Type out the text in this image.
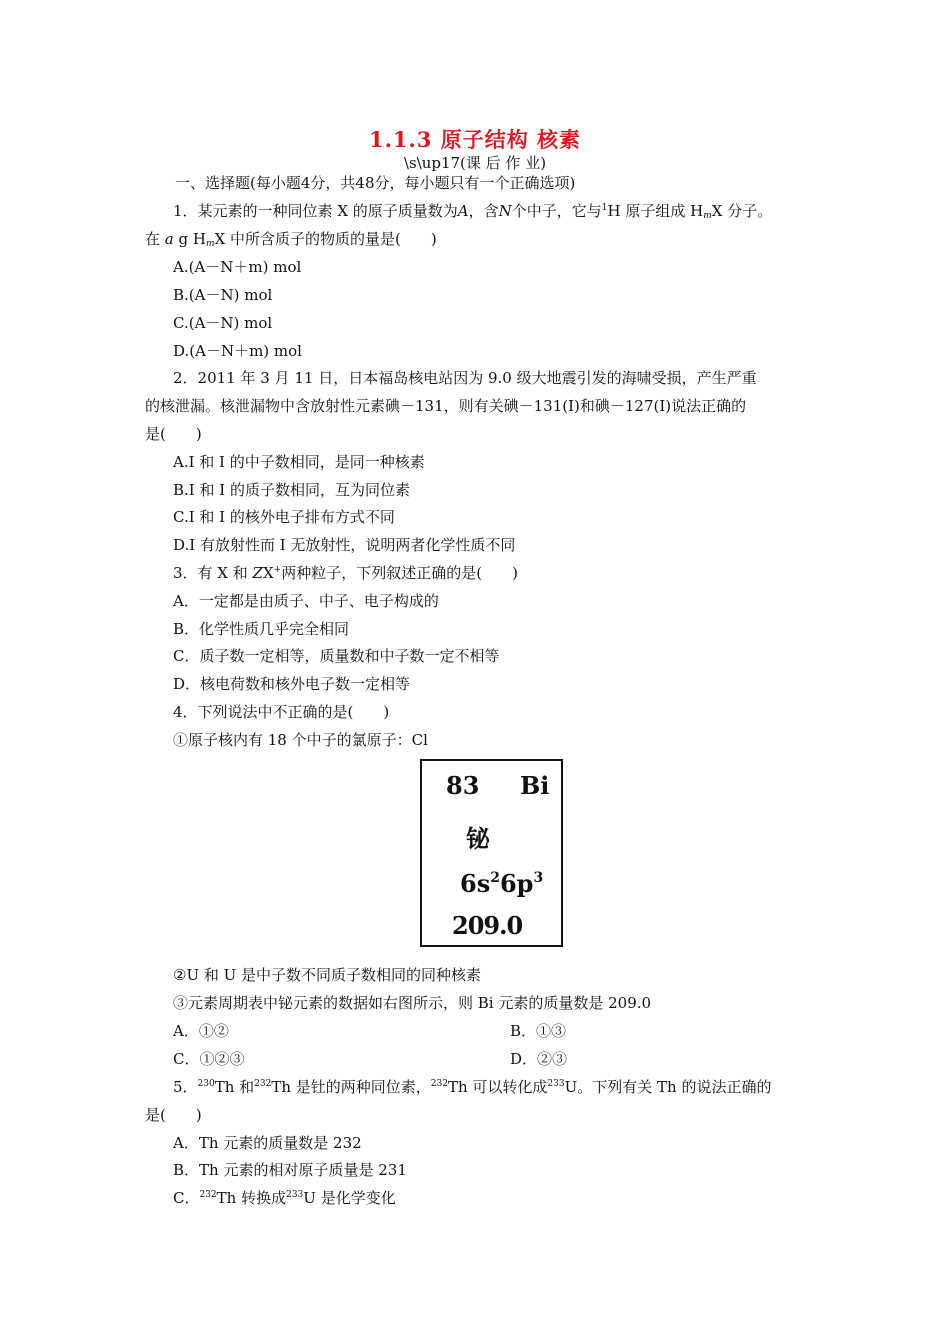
1.1.3 原子结构 核素
\s\up17(课 后 作 业)
一、选择题(每小题4分，共48分，每小题只有一个正确选项)
1．某元素的一种同位素 X 的原子质量数为A，含N个中子，它与$^1$H 原子组成 $H_mX$ 分子。
在 a g $H_mX$ 中所含质子的物质的量是(　　)
A.(A－N＋m) mol
B.(A－N) mol
C.(A－N) mol
D.(A－N＋m) mol
2．2011 年 3 月 11 日，日本福岛核电站因为 9.0 级大地震引发的海啸受损，产生严重
的核泄漏。核泄漏物中含放射性元素碘－131，则有关碘－131(I)和碘－127(I)说法正确的
是(　　)
A.I 和 I 的中子数相同，是同一种核素
B.I 和 I 的质子数相同，互为同位素
C.I 和 I 的核外电子排布方式不同
D.I 有放射性而 I 无放射性，说明两者化学性质不同
3．有 X 和 ZX+两种粒子，下列叙述正确的是(　　)
A．一定都是由质子、中子、电子构成的
B．化学性质几乎完全相同
C．质子数一定相等，质量数和中子数一定不相等
D．核电荷数和核外电子数一定相等
4．下列说法中不正确的是(　　)
①原子核内有 18 个中子的氯原子：Cl
83 Bi
铋
$6s^26p^3$
209.0
②U 和 U 是中子数不同质子数相同的同种核素
③元素周期表中铋元素的数据如右图所示，则 Bi 元素的质量数是 209.0
A．①②	B．①③
C．①②③	D．②③
5．$^{230}$Th 和$^{232}$Th 是钍的两种同位素，$^{232}$Th 可以转化成$^{233}$U。下列有关 Th 的说法正确的
是(　　)
A．Th 元素的质量数是 232
B．Th 元素的相对原子质量是 231
C．$^{232}$Th 转换成$^{233}$U 是化学变化
